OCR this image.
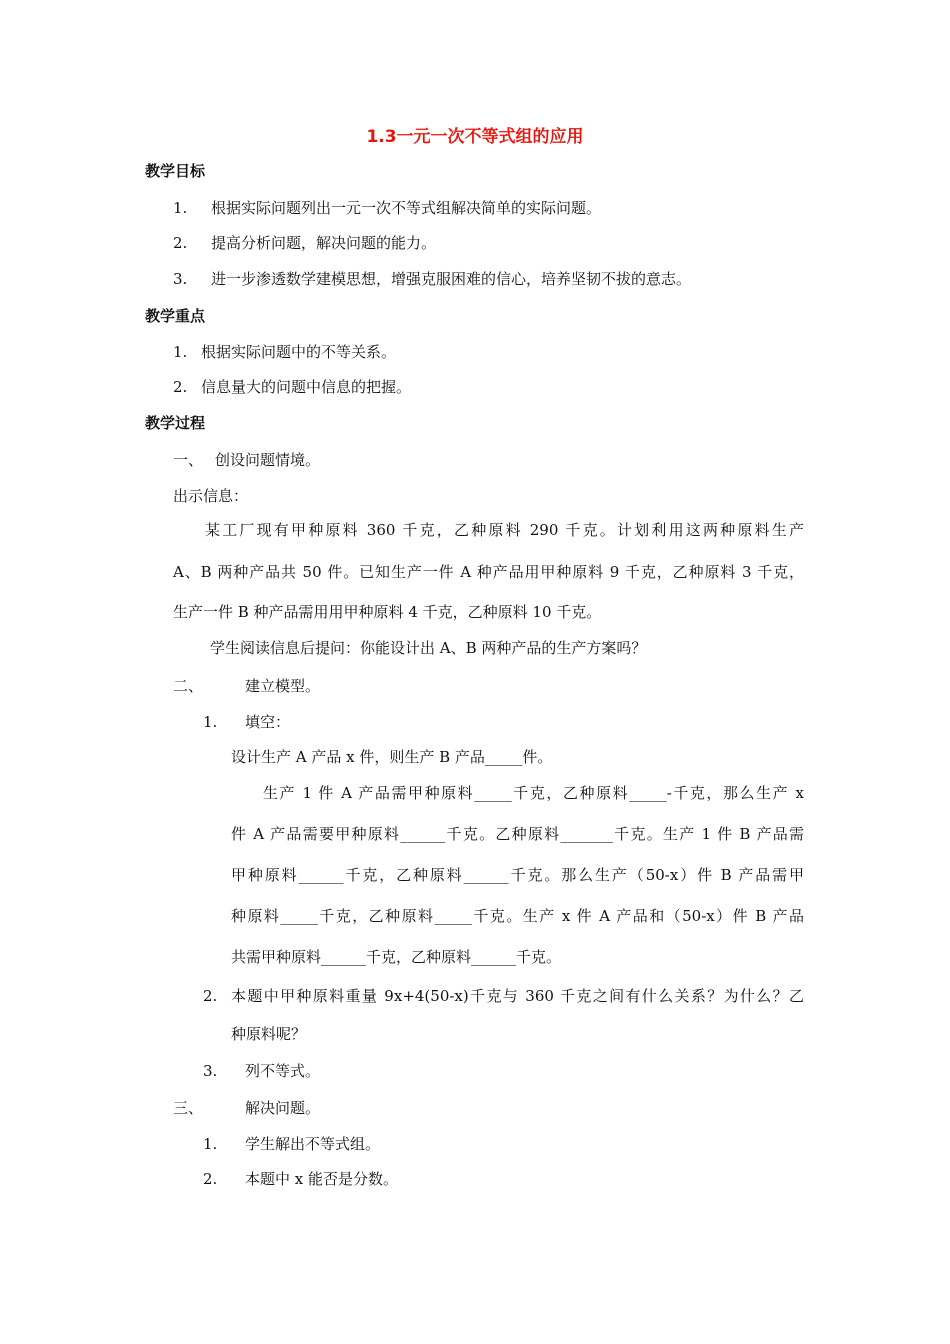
1.3一元一次不等式组的应用
教学目标
1. 根据实际问题列出一元一次不等式组解决简单的实际问题。
2. 提高分析问题，解决问题的能力。
3. 进一步渗透数学建模思想，增强克服困难的信心，培养坚韧不拔的意志。
教学重点
1. 根据实际问题中的不等关系。
2. 信息量大的问题中信息的把握。
教学过程
一、 创设问题情境。
出示信息：
某工厂现有甲种原料 360 千克，乙种原料 290 千克。计划利用这两种原料生产
A、B 两种产品共 50 件。已知生产一件 A 种产品用甲种原料 9 千克，乙种原料 3 千克，
生产一件 B 种产品需用用甲种原料 4 千克，乙种原料 10 千克。
学生阅读信息后提问：你能设计出 A、B 两种产品的生产方案吗？
二、	建立模型。
1. 填空：
设计生产 A 产品 x 件，则生产 B 产品_____件。
生产 1 件 A 产品需甲种原料_____千克，乙种原料_____-千克，那么生产 x
件 A 产品需要甲种原料______千克。乙种原料_______千克。生产 1 件 B 产品需
甲种原料______千克，乙种原料______千克。那么生产（50-x）件 B 产品需甲
种原料_____千克，乙种原料_____千克。生产 x 件 A 产品和（50-x）件 B 产品
共需甲种原料______千克，乙种原料______千克。
2. 本题中甲种原料重量 9x+4(50-x)千克与 360 千克之间有什么关系？为什么？乙
种原料呢？
3. 列不等式。
三、	解决问题。
1. 学生解出不等式组。
2. 本题中 x 能否是分数。
